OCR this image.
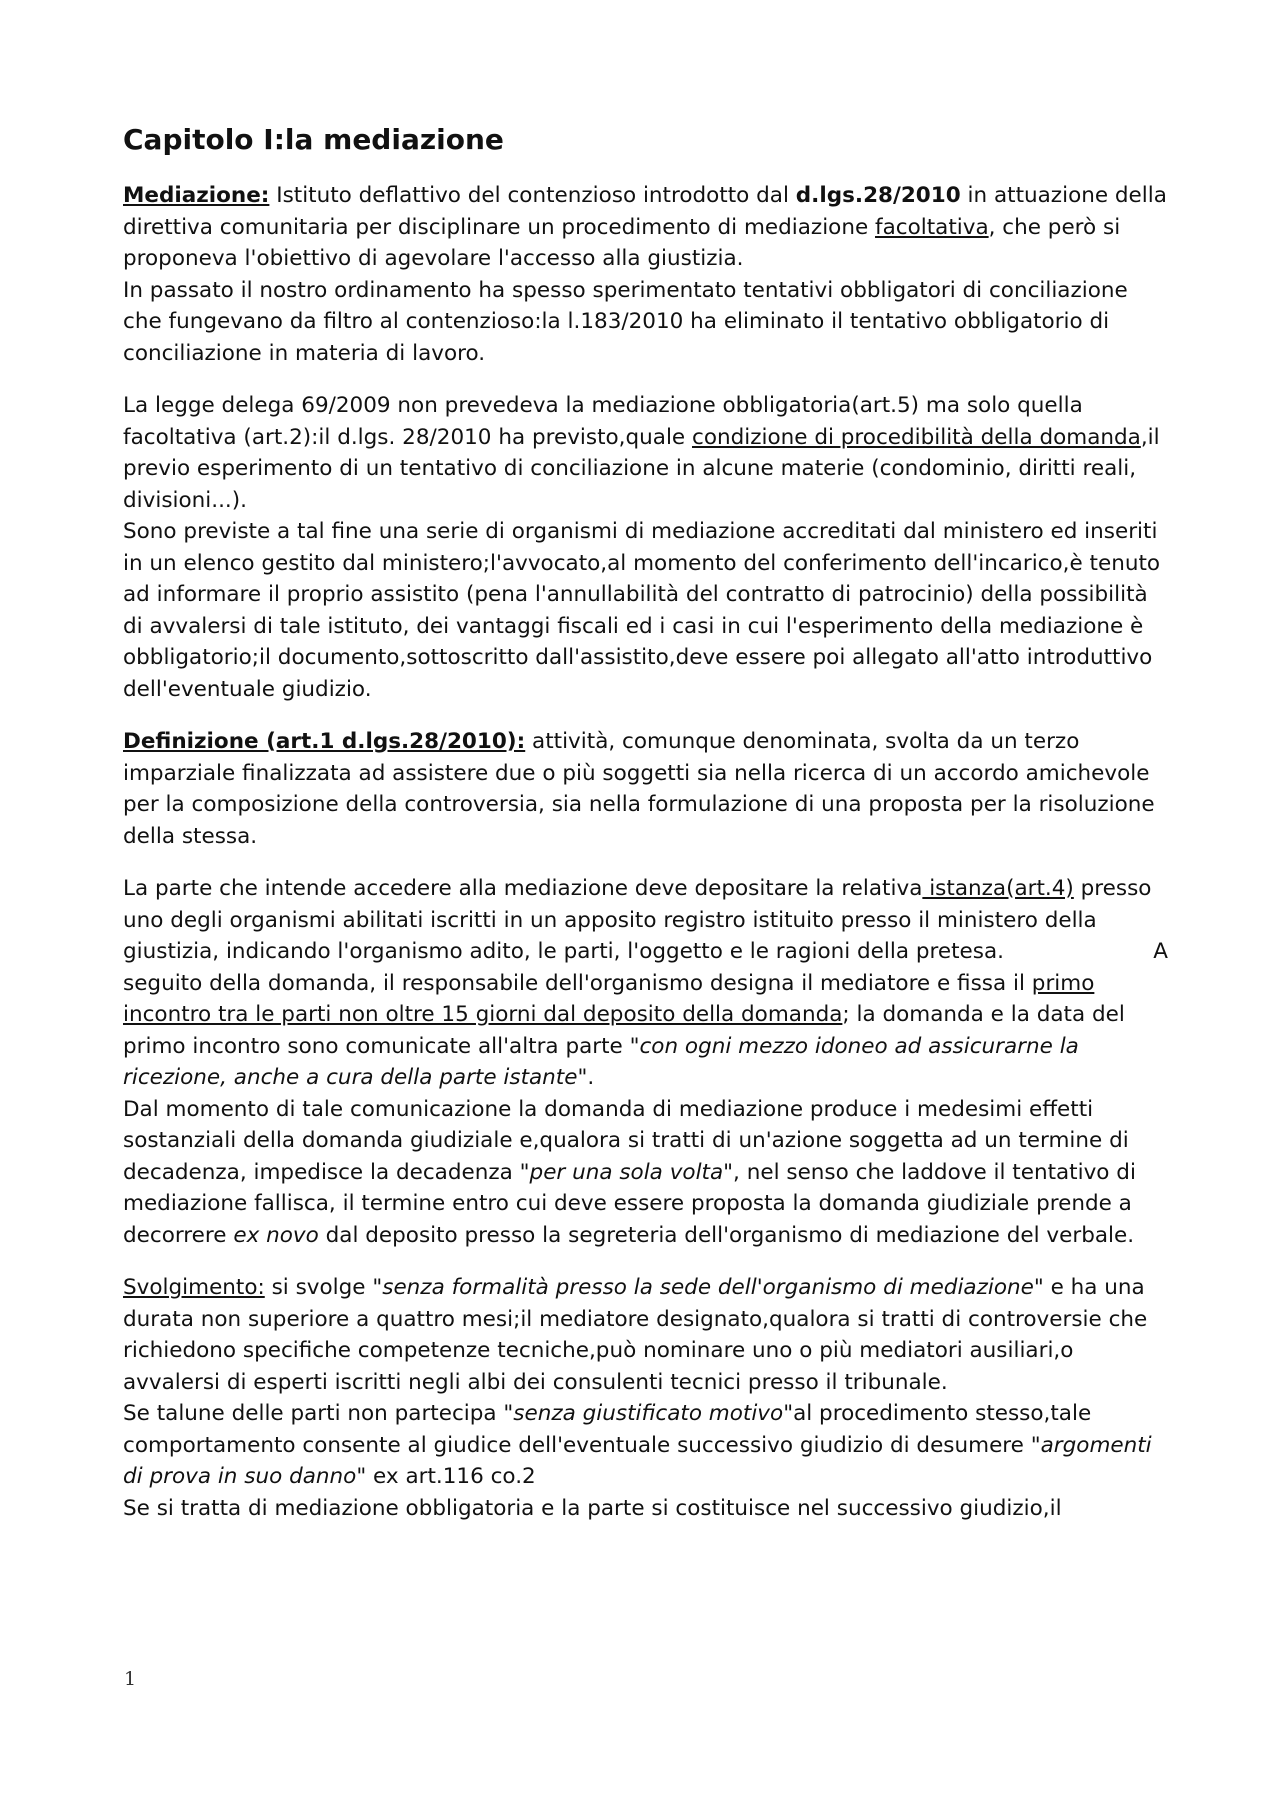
Capitolo I:la mediazione

Mediazione: Istituto deflattivo del contenzioso introdotto dal d.lgs.28/2010 in attuazione della direttiva comunitaria per disciplinare un procedimento di mediazione facoltativa, che però si proponeva l'obiettivo di agevolare l'accesso alla giustizia.
In passato il nostro ordinamento ha spesso sperimentato tentativi obbligatori di conciliazione che fungevano da filtro al contenzioso:la l.183/2010 ha eliminato il tentativo obbligatorio di conciliazione in materia di lavoro.

La legge delega 69/2009 non prevedeva la mediazione obbligatoria(art.5) ma solo quella facoltativa (art.2):il d.lgs. 28/2010 ha previsto,quale condizione di procedibilità della domanda,il previo esperimento di un tentativo di conciliazione in alcune materie (condominio, diritti reali, divisioni...).
Sono previste a tal fine una serie di organismi di mediazione accreditati dal ministero ed inseriti in un elenco gestito dal ministero;l'avvocato,al momento del conferimento dell'incarico,è tenuto ad informare il proprio assistito (pena l'annullabilità del contratto di patrocinio) della possibilità di avvalersi di tale istituto, dei vantaggi fiscali ed i casi in cui l'esperimento della mediazione è obbligatorio;il documento,sottoscritto dall'assistito,deve essere poi allegato all'atto introduttivo dell'eventuale giudizio.

Definizione (art.1 d.lgs.28/2010): attività, comunque denominata, svolta da un terzo imparziale finalizzata ad assistere due o più soggetti sia nella ricerca di un accordo amichevole per la composizione della controversia, sia nella formulazione di una proposta per la risoluzione della stessa.

La parte che intende accedere alla mediazione deve depositare la relativa istanza(art.4) presso uno degli organismi abilitati iscritti in un apposito registro istituito presso il ministero della giustizia, indicando l'organismo adito, le parti, l'oggetto e le ragioni della pretesa.	A

seguito della domanda, il responsabile dell'organismo designa il mediatore e fissa il primo incontro tra le parti non oltre 15 giorni dal deposito della domanda; la domanda e la data del primo incontro sono comunicate all'altra parte "con ogni mezzo idoneo ad assicurarne la ricezione, anche a cura della parte istante".
Dal momento di tale comunicazione la domanda di mediazione produce i medesimi effetti sostanziali della domanda giudiziale e,qualora si tratti di un'azione soggetta ad un termine di decadenza, impedisce la decadenza "per una sola volta", nel senso che laddove il tentativo di mediazione fallisca, il termine entro cui deve essere proposta la domanda giudiziale prende a decorrere ex novo dal deposito presso la segreteria dell'organismo di mediazione del verbale.

Svolgimento: si svolge "senza formalità presso la sede dell'organismo di mediazione" e ha una durata non superiore a quattro mesi;il mediatore designato,qualora si tratti di controversie che richiedono specifiche competenze tecniche,può nominare uno o più mediatori ausiliari,o avvalersi di esperti iscritti negli albi dei consulenti tecnici presso il tribunale.
Se talune delle parti non partecipa "senza giustificato motivo"al procedimento stesso,tale comportamento consente al giudice dell'eventuale successivo giudizio di desumere "argomenti di prova in suo danno" ex art.116 co.2
Se si tratta di mediazione obbligatoria e la parte si costituisce nel successivo giudizio,il

1
